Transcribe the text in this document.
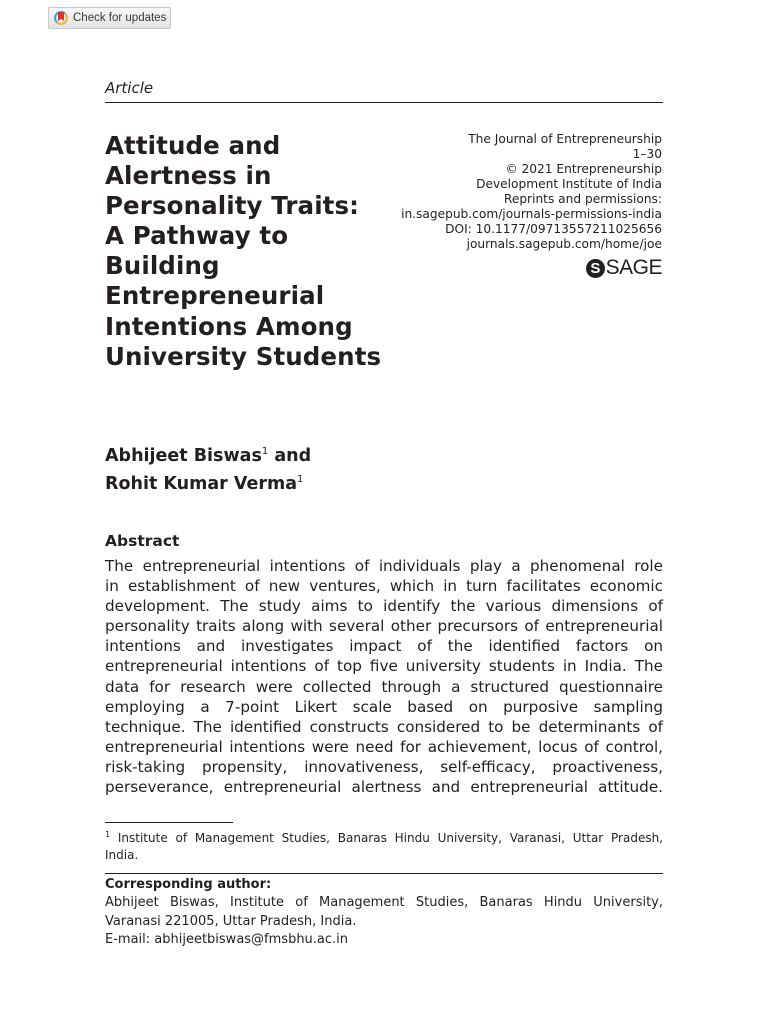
Check for updates
Article
Attitude and
Alertness in
Personality Traits:
A Pathway to
Building
Entrepreneurial
Intentions Among
University Students
The Journal of Entrepreneurship
1–30
© 2021 Entrepreneurship
Development Institute of India
Reprints and permissions:
in.sagepub.com/journals-permissions-india
DOI: 10.1177/09713557211025656
journals.sagepub.com/home/joe
S SAGE
Abhijeet Biswas$^1$ and
Rohit Kumar Verma$^1$
Abstract
The entrepreneurial intentions of individuals play a phenomenal role
in establishment of new ventures, which in turn facilitates economic
development. The study aims to identify the various dimensions of
personality traits along with several other precursors of entrepreneurial
intentions and investigates impact of the identified factors on
entrepreneurial intentions of top five university students in India. The
data for research were collected through a structured questionnaire
employing a 7-point Likert scale based on purposive sampling
technique. The identified constructs considered to be determinants of
entrepreneurial intentions were need for achievement, locus of control,
risk-taking propensity, innovativeness, self-efficacy, proactiveness,
perseverance, entrepreneurial alertness and entrepreneurial attitude.
$^1$ Institute of Management Studies, Banaras Hindu University, Varanasi, Uttar Pradesh,
India.
Corresponding author:
Abhijeet Biswas, Institute of Management Studies, Banaras Hindu University,
Varanasi 221005, Uttar Pradesh, India.
E-mail: abhijeetbiswas@fmsbhu.ac.in
